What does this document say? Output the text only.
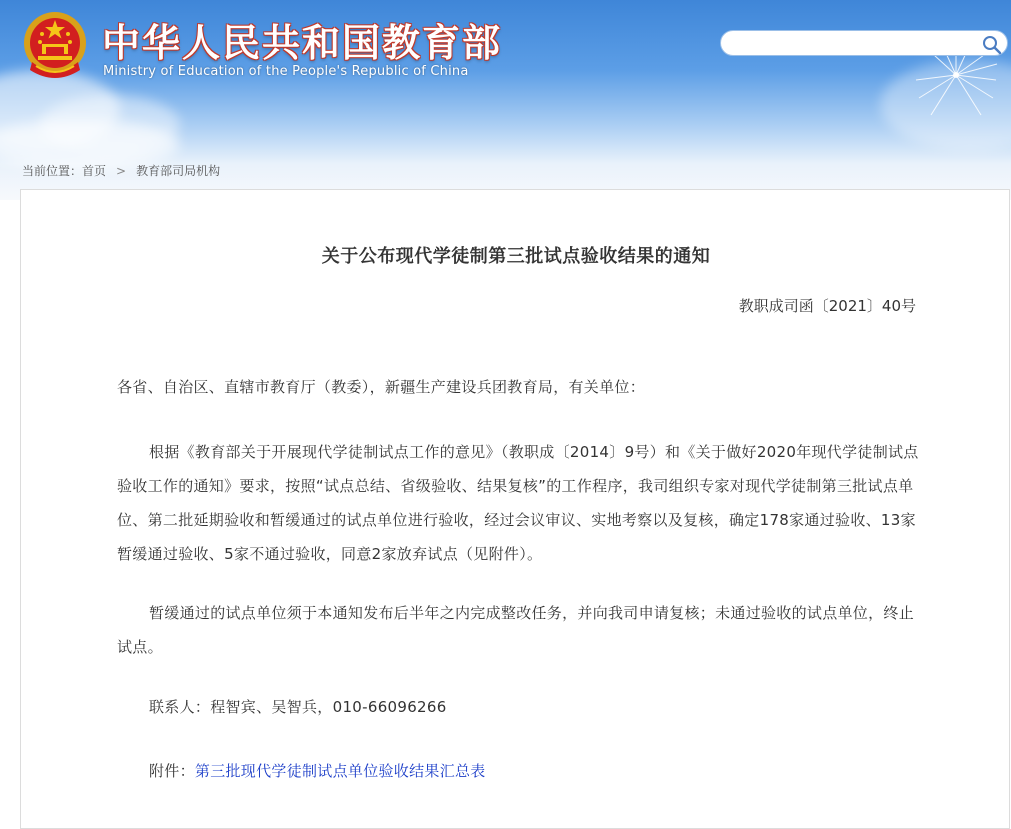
中华人民共和国教育部

Ministry of Education of the People's Republic of China

当前位置：首页 > 教育部司局机构
关于公布现代学徒制第三批试点验收结果的通知
教职成司函〔2021〕40号

各省、自治区、直辖市教育厅（教委），新疆生产建设兵团教育局，有关单位：

根据《教育部关于开展现代学徒制试点工作的意见》（教职成〔2014〕9号）和《关于做好2020年现代学徒制试点验收工作的通知》要求，按照“试点总结、省级验收、结果复核”的工作程序，我司组织专家对现代学徒制第三批试点单位、第二批延期验收和暂缓通过的试点单位进行验收，经过会议审议、实地考察以及复核，确定178家通过验收、13家暂缓通过验收、5家不通过验收，同意2家放弃试点（见附件）。

暂缓通过的试点单位须于本通知发布后半年之内完成整改任务，并向我司申请复核；未通过验收的试点单位，终止试点。

联系人：程智宾、吴智兵，010-66096266

附件：第三批现代学徒制试点单位验收结果汇总表
